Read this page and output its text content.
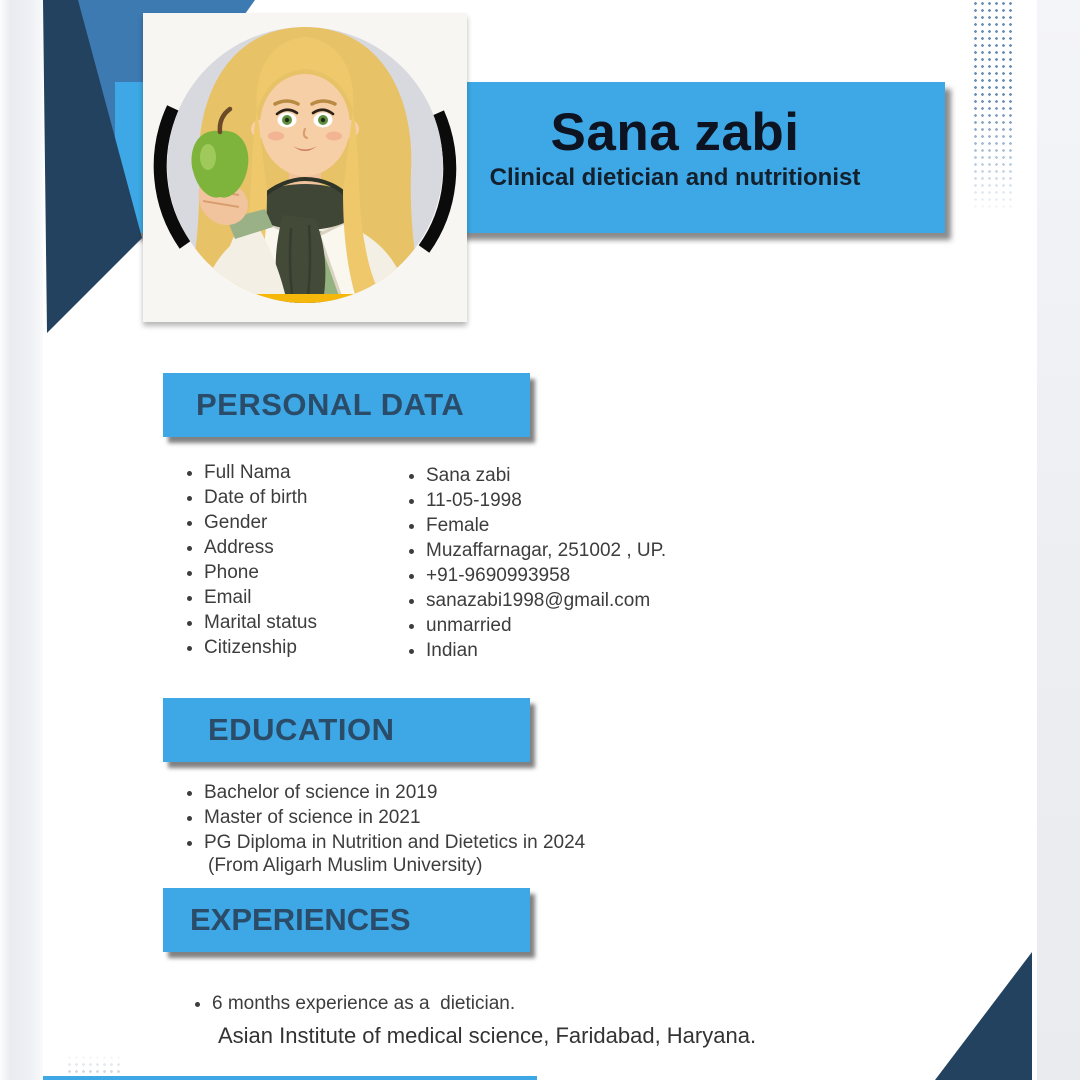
Sana zabi
Clinical dietician and nutritionist
PERSONAL DATA
• Full Nama
• Date of birth
• Gender
• Address
• Phone
• Email
• Marital status
• Citizenship
• Sana zabi
• 11-05-1998
• Female
• Muzaffarnagar, 251002 , UP.
• +91-9690993958
• sanazabi1998@gmail.com
• unmarried
• Indian
EDUCATION
• Bachelor of science in 2019
• Master of science in 2021
• PG Diploma in Nutrition and Dietetics in 2024
(From Aligarh Muslim University)
EXPERIENCES
• 6 months experience as a  dietician.
Asian Institute of medical science, Faridabad, Haryana.
